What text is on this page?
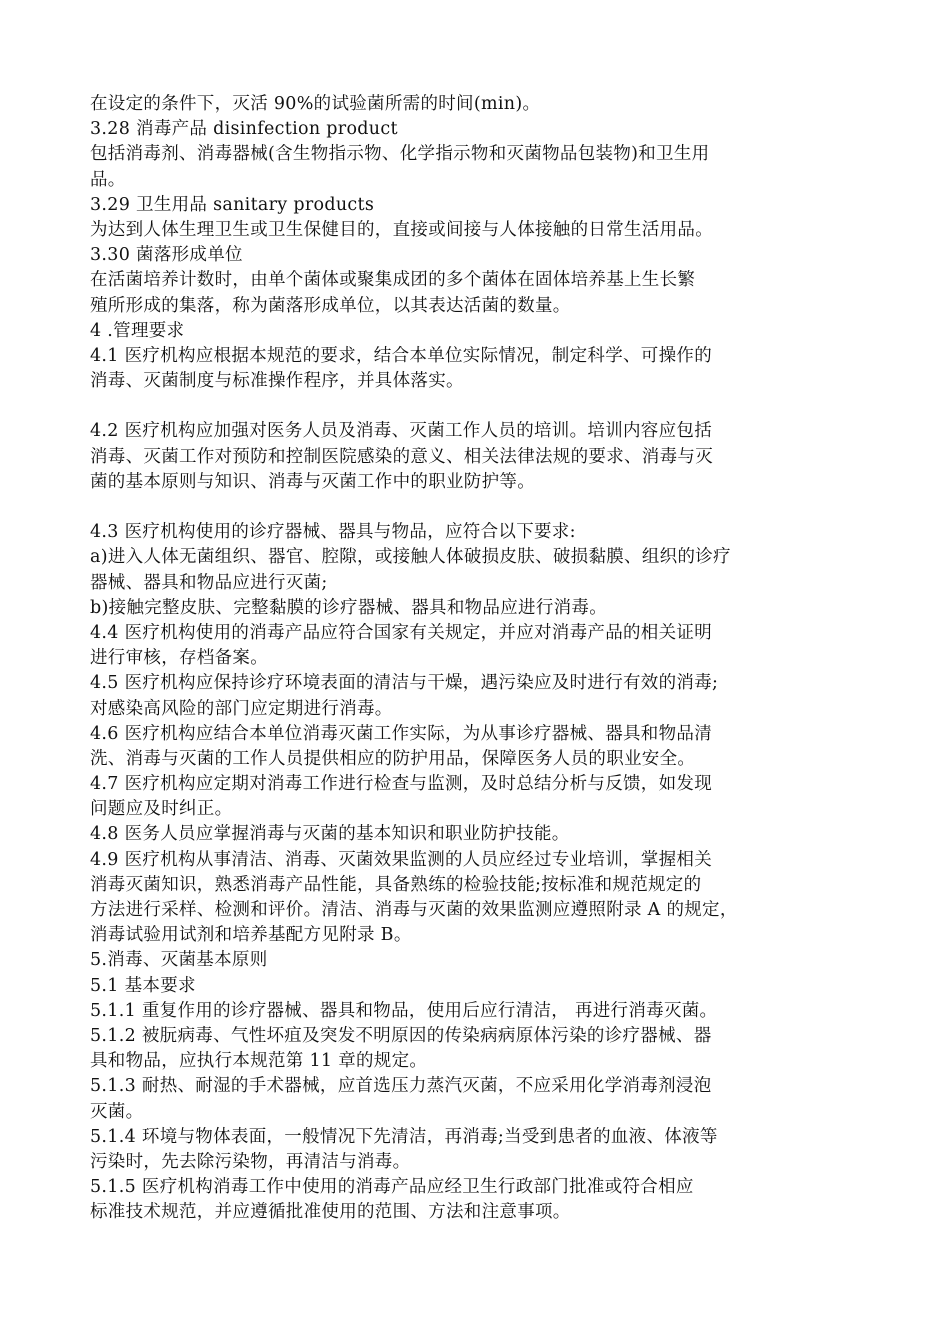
在设定的条件下，灭活 90%的试验菌所需的时间(min)。
3.28 消毒产品 disinfection product
包括消毒剂、消毒器械(含生物指示物、化学指示物和灭菌物品包装物)和卫生用
品。
3.29 卫生用品 sanitary products
为达到人体生理卫生或卫生保健目的，直接或间接与人体接触的日常生活用品。
3.30 菌落形成单位
在活菌培养计数时，由单个菌体或聚集成团的多个菌体在固体培养基上生长繁
殖所形成的集落，称为菌落形成单位，以其表达活菌的数量。
4 .管理要求
4.1 医疗机构应根据本规范的要求，结合本单位实际情况，制定科学、可操作的
消毒、灭菌制度与标准操作程序，并具体落实。
4.2 医疗机构应加强对医务人员及消毒、灭菌工作人员的培训。培训内容应包括
消毒、灭菌工作对预防和控制医院感染的意义、相关法律法规的要求、消毒与灭
菌的基本原则与知识、消毒与灭菌工作中的职业防护等。
4.3 医疗机构使用的诊疗器械、器具与物品，应符合以下要求:
a)进入人体无菌组织、器官、腔隙，或接触人体破损皮肤、破损黏膜、组织的诊疗
器械、器具和物品应进行灭菌;
b)接触完整皮肤、完整黏膜的诊疗器械、器具和物品应进行消毒。
4.4 医疗机构使用的消毒产品应符合国家有关规定，并应对消毒产品的相关证明
进行审核，存档备案。
4.5 医疗机构应保持诊疗环境表面的清洁与干燥，遇污染应及时进行有效的消毒;
对感染高风险的部门应定期进行消毒。
4.6 医疗机构应结合本单位消毒灭菌工作实际，为从事诊疗器械、器具和物品清
洗、消毒与灭菌的工作人员提供相应的防护用品，保障医务人员的职业安全。
4.7 医疗机构应定期对消毒工作进行检查与监测，及时总结分析与反馈，如发现
问题应及时纠正。
4.8 医务人员应掌握消毒与灭菌的基本知识和职业防护技能。
4.9 医疗机构从事清洁、消毒、灭菌效果监测的人员应经过专业培训，掌握相关
消毒灭菌知识，熟悉消毒产品性能，具备熟练的检验技能;按标准和规范规定的
方法进行采样、检测和评价。清洁、消毒与灭菌的效果监测应遵照附录 A 的规定，
消毒试验用试剂和培养基配方见附录 B。
5.消毒、灭菌基本原则
5.1 基本要求
5.1.1 重复作用的诊疗器械、器具和物品，使用后应行清洁， 再进行消毒灭菌。
5.1.2 被朊病毒、气性坏疽及突发不明原因的传染病病原体污染的诊疗器械、器
具和物品，应执行本规范第 11 章的规定。
5.1.3 耐热、耐湿的手术器械，应首选压力蒸汽灭菌，不应采用化学消毒剂浸泡
灭菌。
5.1.4 环境与物体表面，一般情况下先清洁，再消毒;当受到患者的血液、体液等
污染时，先去除污染物，再清洁与消毒。
5.1.5 医疗机构消毒工作中使用的消毒产品应经卫生行政部门批准或符合相应
标准技术规范，并应遵循批准使用的范围、方法和注意事项。
